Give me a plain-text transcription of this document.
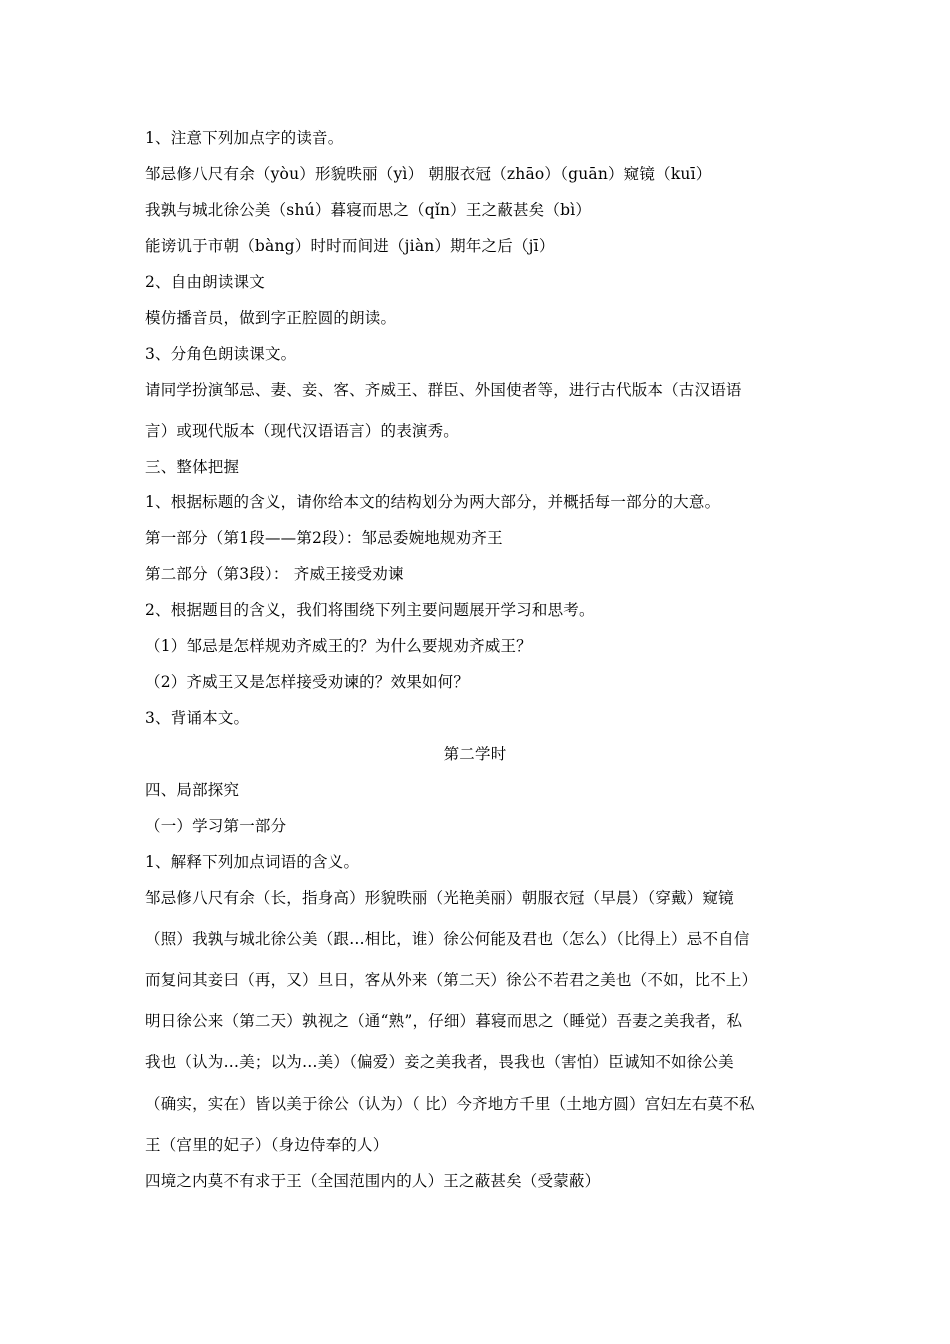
1、注意下列加点字的读音。
邹忌修八尺有余（yòu）形貌昳丽（yì） 朝服衣冠（zhāo）（guān）窥镜（kuī）
我孰与城北徐公美（shú）暮寝而思之（qǐn）王之蔽甚矣（bì）
能谤讥于市朝（bàng）时时而间进（jiàn）期年之后（jī）
2、自由朗读课文
模仿播音员，做到字正腔圆的朗读。
3、分角色朗读课文。
请同学扮演邹忌、妻、妾、客、齐威王、群臣、外国使者等，进行古代版本（古汉语语
言）或现代版本（现代汉语语言）的表演秀。
三、整体把握
1、根据标题的含义，请你给本文的结构划分为两大部分，并概括每一部分的大意。
第一部分（第1段——第2段）：邹忌委婉地规劝齐王
第二部分（第3段）： 齐威王接受劝谏
2、根据题目的含义，我们将围绕下列主要问题展开学习和思考。
（1）邹忌是怎样规劝齐威王的？为什么要规劝齐威王？
（2）齐威王又是怎样接受劝谏的？效果如何？
3、背诵本文。
第二学时
四、局部探究
（一）学习第一部分
1、解释下列加点词语的含义。
邹忌修八尺有余（长，指身高）形貌昳丽（光艳美丽）朝服衣冠（早晨）（穿戴）窥镜
（照）我孰与城北徐公美（跟…相比，谁）徐公何能及君也（怎么）（比得上）忌不自信
而复问其妾曰（再，又）旦日，客从外来（第二天）徐公不若君之美也（不如，比不上）
明日徐公来（第二天）孰视之（通“熟”，仔细）暮寝而思之（睡觉）吾妻之美我者，私
我也（认为…美；以为…美）（偏爱）妾之美我者，畏我也（害怕）臣诚知不如徐公美
（确实，实在）皆以美于徐公（认为）（ 比）今齐地方千里（土地方圆）宫妇左右莫不私
王（宫里的妃子）（身边侍奉的人）
四境之内莫不有求于王（全国范围内的人）王之蔽甚矣（受蒙蔽）
